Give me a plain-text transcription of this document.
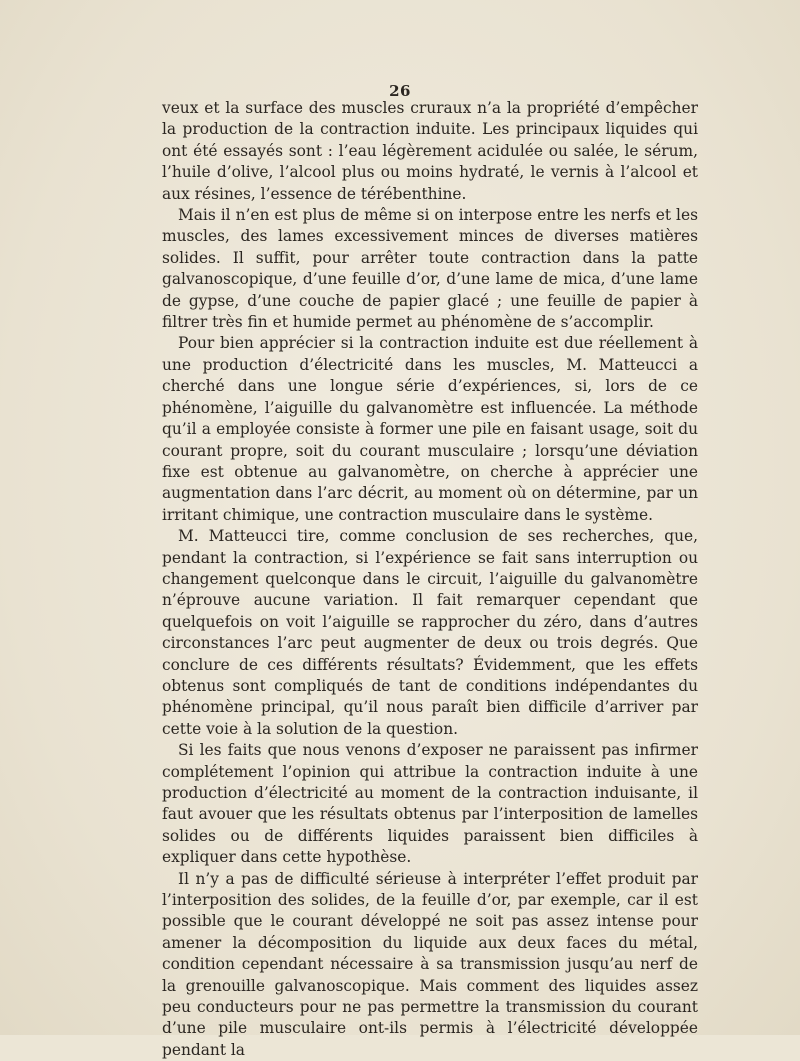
26

veux et la surface des muscles cruraux n’a la propriété d’empêcher la production de la contraction induite. Les principaux liquides qui ont été essayés sont : l’eau légèrement acidulée ou salée, le sérum, l’huile d’olive, l’alcool plus ou moins hydraté, le vernis à l’alcool et aux résines, l’essence de térébenthine.

Mais il n’en est plus de même si on interpose entre les nerfs et les muscles, des lames excessivement minces de diverses matières solides. Il suffit, pour arrêter toute contraction dans la patte galvanoscopique, d’une feuille d’or, d’une lame de mica, d’une lame de gypse, d’une couche de papier glacé ; une feuille de papier à filtrer très fin et humide permet au phénomène de s’accomplir.

Pour bien apprécier si la contraction induite est due réellement à une production d’électricité dans les muscles, M. Matteucci a cherché dans une longue série d’expériences, si, lors de ce phénomène, l’aiguille du galvanomètre est influencée. La méthode qu’il a employée consiste à former une pile en faisant usage, soit du courant propre, soit du courant musculaire ; lorsqu’une déviation fixe est obtenue au galvanomètre, on cherche à apprécier une augmentation dans l’arc décrit, au moment où on détermine, par un irritant chimique, une contraction musculaire dans le système.

M. Matteucci tire, comme conclusion de ses recherches, que, pendant la contraction, si l’expérience se fait sans interruption ou changement quelconque dans le circuit, l’aiguille du galvanomètre n’éprouve aucune variation. Il fait remarquer cependant que quelquefois on voit l’aiguille se rapprocher du zéro, dans d’autres circonstances l’arc peut augmenter de deux ou trois degrés. Que conclure de ces différents résultats? Évidemment, que les effets obtenus sont compliqués de tant de conditions indépendantes du phénomène principal, qu’il nous paraît bien difficile d’arriver par cette voie à la solution de la question.

Si les faits que nous venons d’exposer ne paraissent pas infirmer complétement l’opinion qui attribue la contraction induite à une production d’électricité au moment de la contraction induisante, il faut avouer que les résultats obtenus par l’interposition de lamelles solides ou de différents liquides paraissent bien difficiles à expliquer dans cette hypothèse.

Il n’y a pas de difficulté sérieuse à interpréter l’effet produit par l’interposition des solides, de la feuille d’or, par exemple, car il est possible que le courant développé ne soit pas assez intense pour amener la décomposition du liquide aux deux faces du métal, condition cependant nécessaire à sa transmission jusqu’au nerf de la grenouille galvanoscopique. Mais comment des liquides assez peu conducteurs pour ne pas permettre la transmission du courant d’une pile musculaire ont-ils permis à l’électricité développée pendant la
